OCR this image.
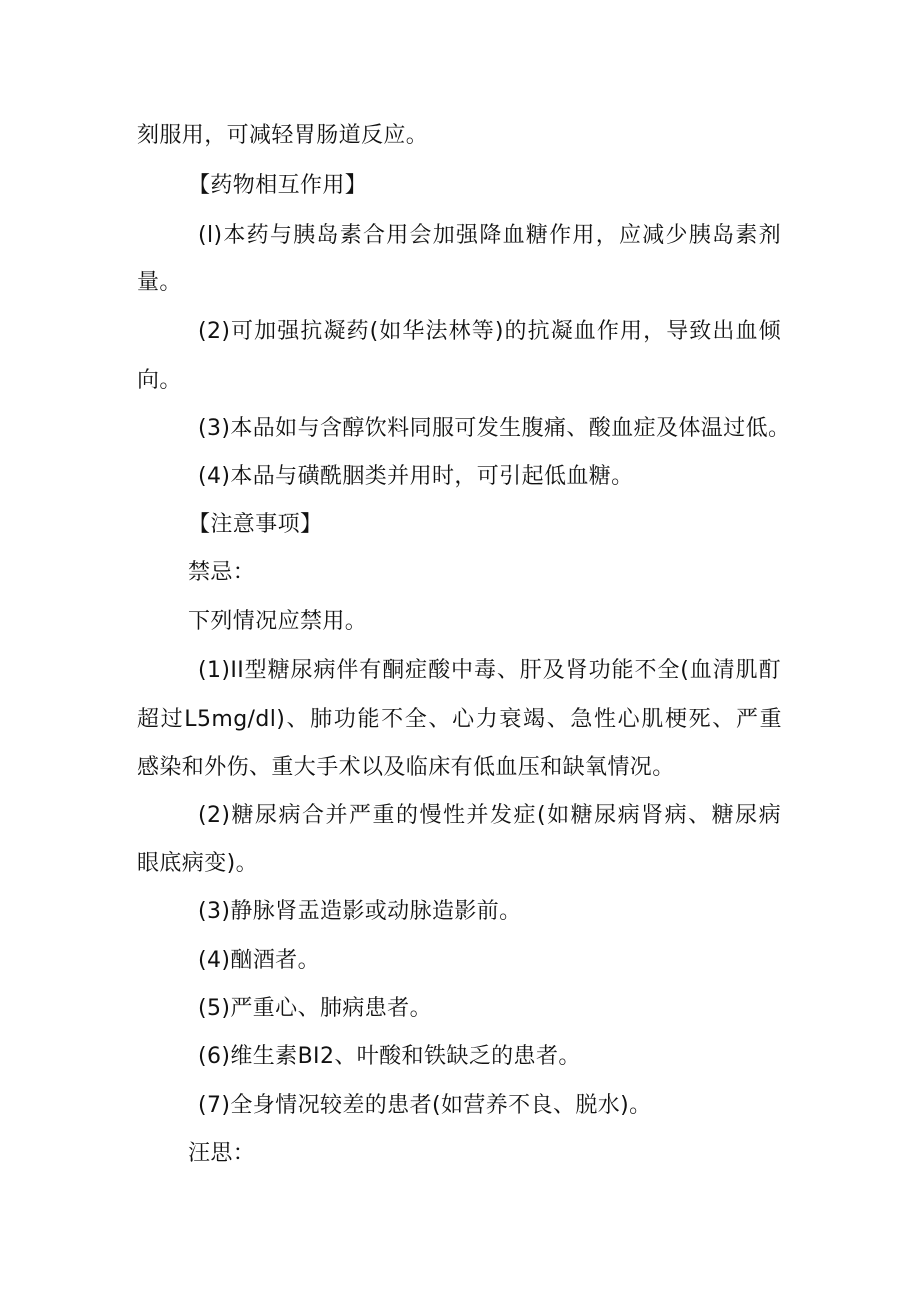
刻服用，可减轻胃肠道反应。
【药物相互作用】
(l)本药与胰岛素合用会加强降血糖作用，应减少胰岛素剂
量。
(2)可加强抗凝药(如华法林等)的抗凝血作用，导致出血倾
向。
(3)本品如与含醇饮料同服可发生腹痛、酸血症及体温过低。
(4)本品与磺酰胭类并用时，可引起低血糖。
【注意事项】
禁忌：
下列情况应禁用。
(1)II型糖尿病伴有酮症酸中毒、肝及肾功能不全(血清肌酊
超过L5mg/dl)、肺功能不全、心力衰竭、急性心肌梗死、严重
感染和外伤、重大手术以及临床有低血压和缺氧情况。
(2)糖尿病合并严重的慢性并发症(如糖尿病肾病、糖尿病
眼底病变)。
(3)静脉肾盂造影或动脉造影前。
(4)酗酒者。
(5)严重心、肺病患者。
(6)维生素BI2、叶酸和铁缺乏的患者。
(7)全身情况较差的患者(如营养不良、脱水)。
汪思：
